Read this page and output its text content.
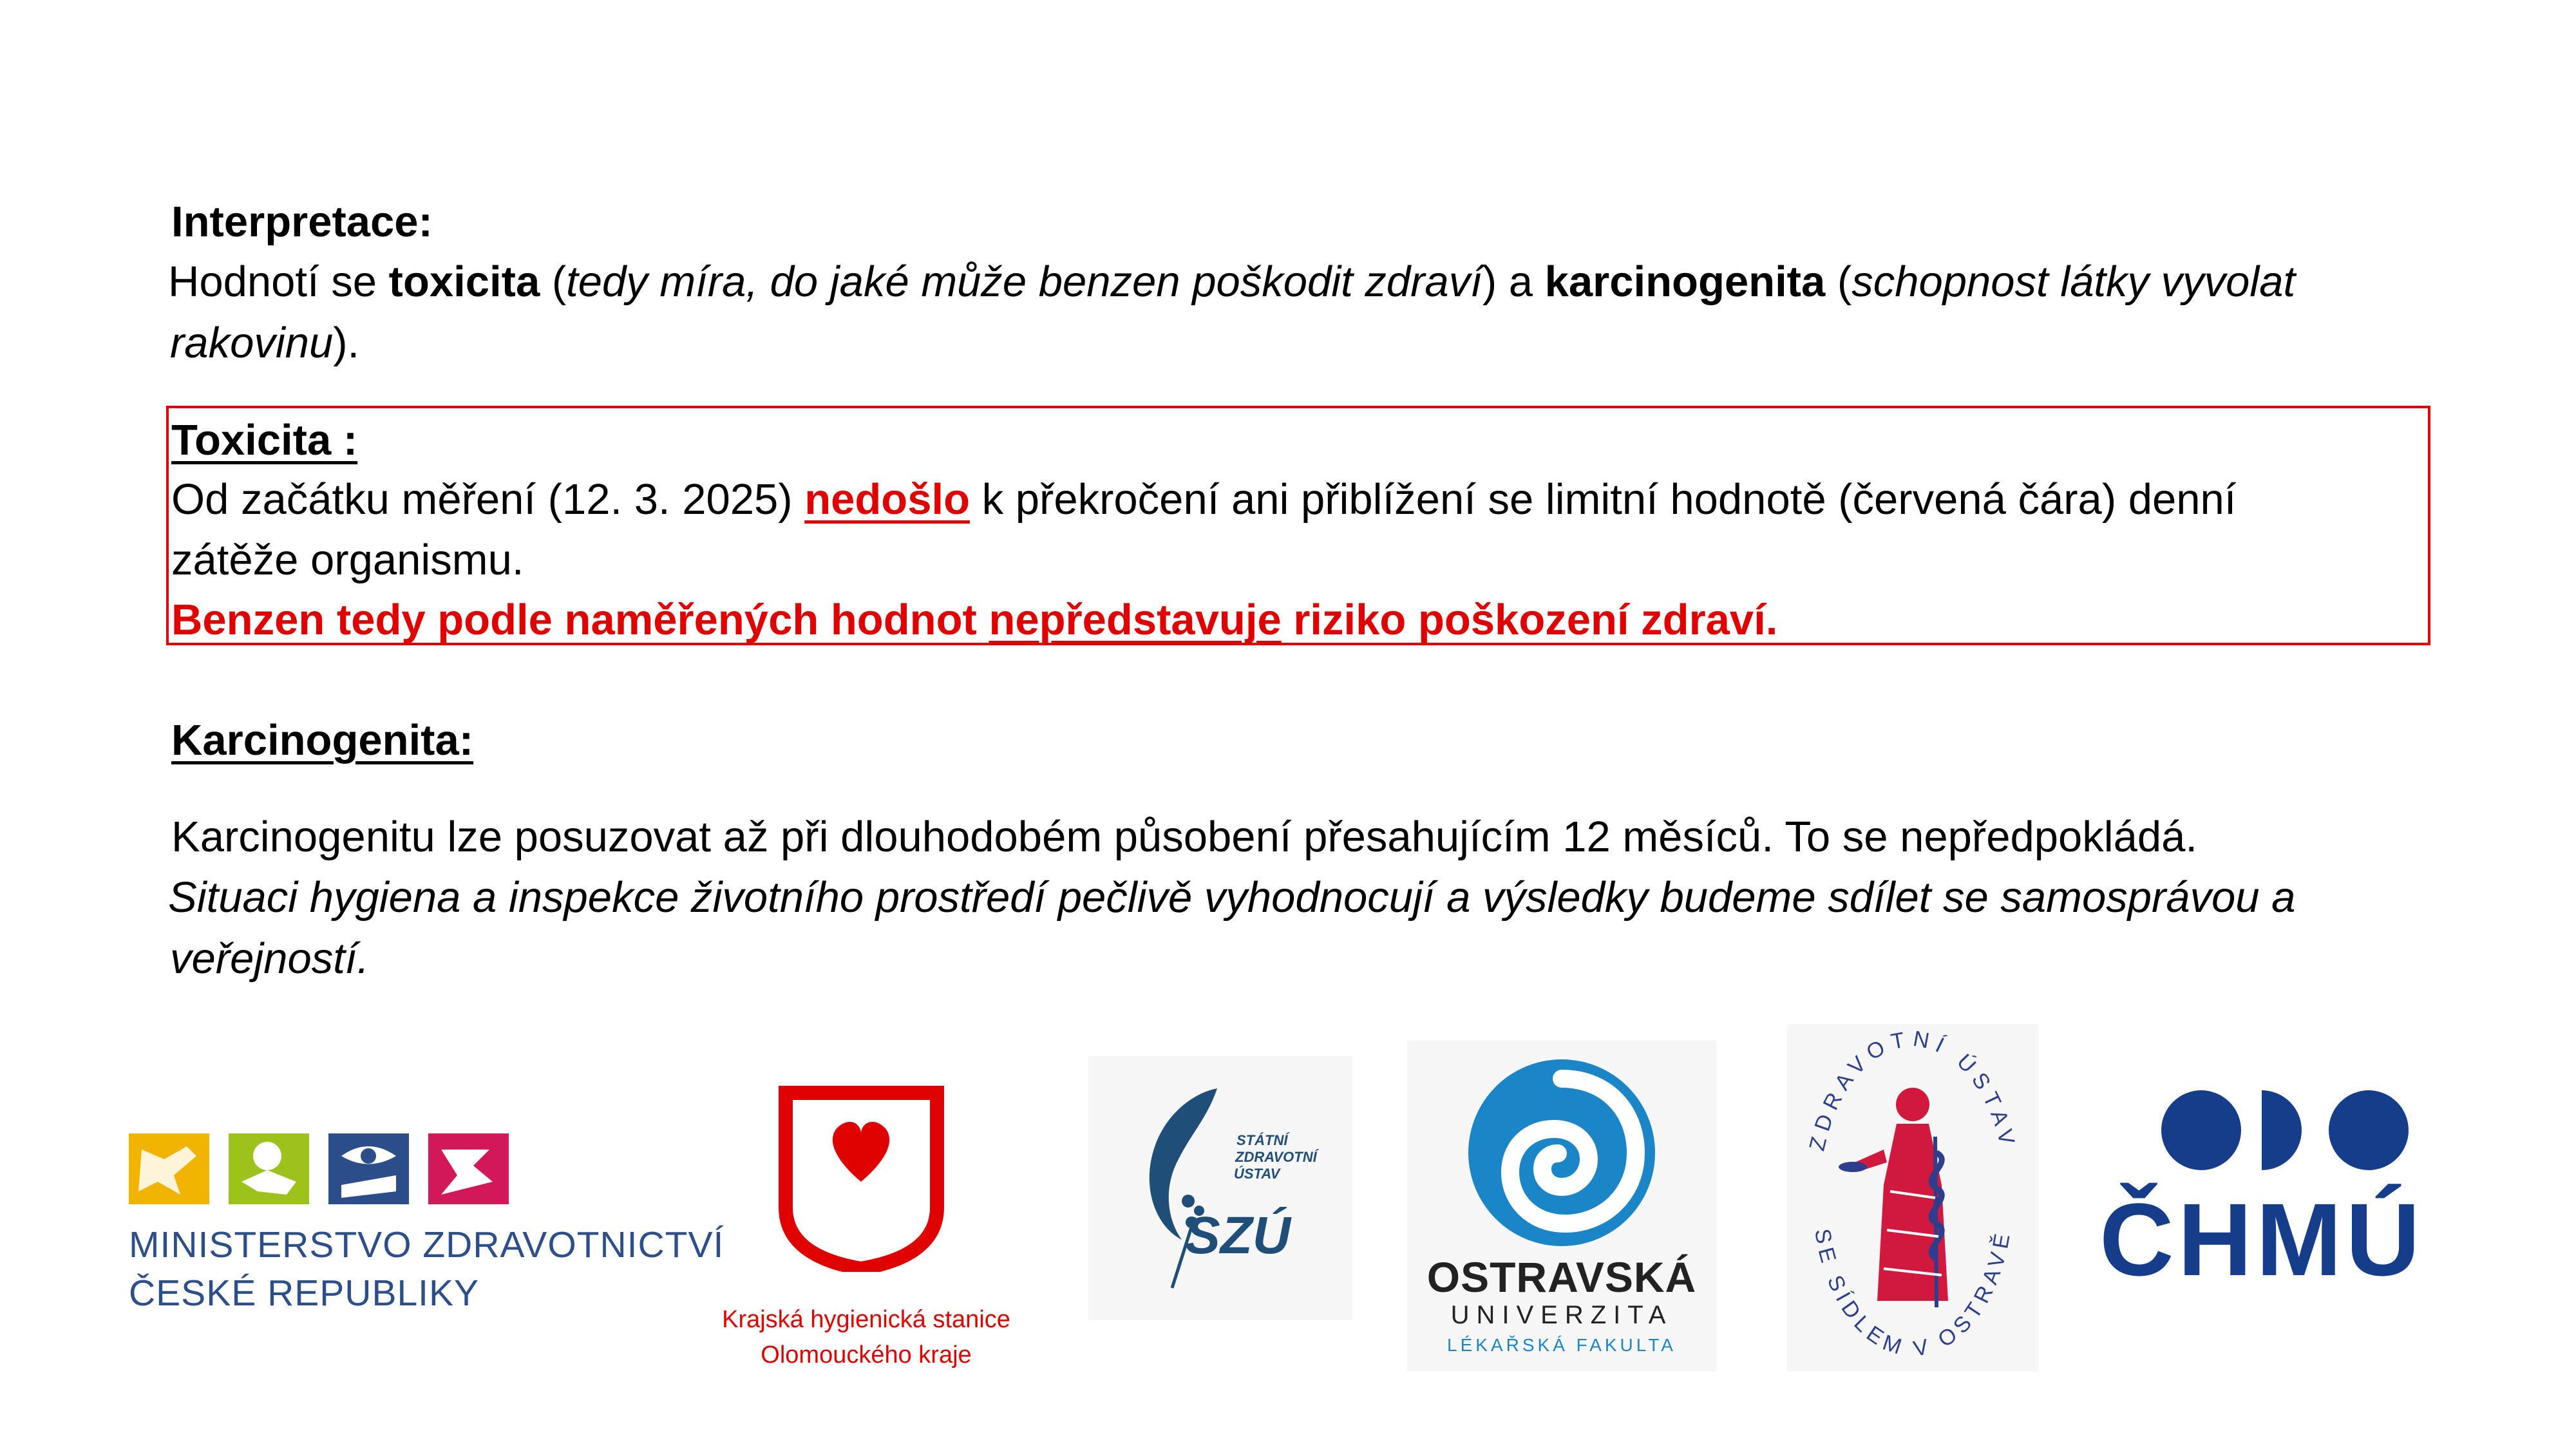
Interpretace:
Hodnotí se toxicita (tedy míra, do jaké může benzen poškodit zdraví) a karcinogenita (schopnost látky vyvolat
rakovinu).
Toxicita :
Od začátku měření (12. 3. 2025) nedošlo k překročení ani přiblížení se limitní hodnotě (červená čára) denní
zátěže organismu.
Benzen tedy podle naměřených hodnot nepředstavuje riziko poškození zdraví.
Karcinogenita:
Karcinogenitu lze posuzovat až při dlouhodobém působení přesahujícím 12 měsíců. To se nepředpokládá.
Situaci hygiena a inspekce životního prostředí pečlivě vyhodnocují a výsledky budeme sdílet se samosprávou a
veřejností.
MINISTERSTVO ZDRAVOTNICTVÍ
ČESKÉ REPUBLIKY
Krajská hygienická stanice
Olomouckého kraje
STÁTNÍ
ZDRAVOTNÍ
ÚSTAV
SZÚ
OSTRAVSKÁ
UNIVERZITA
LÉKAŘSKÁ FAKULTA
ZDRAVOTNÍ ÚSTAV
SE SÍDLEM V OSTRAVĚ ČHMÚ
